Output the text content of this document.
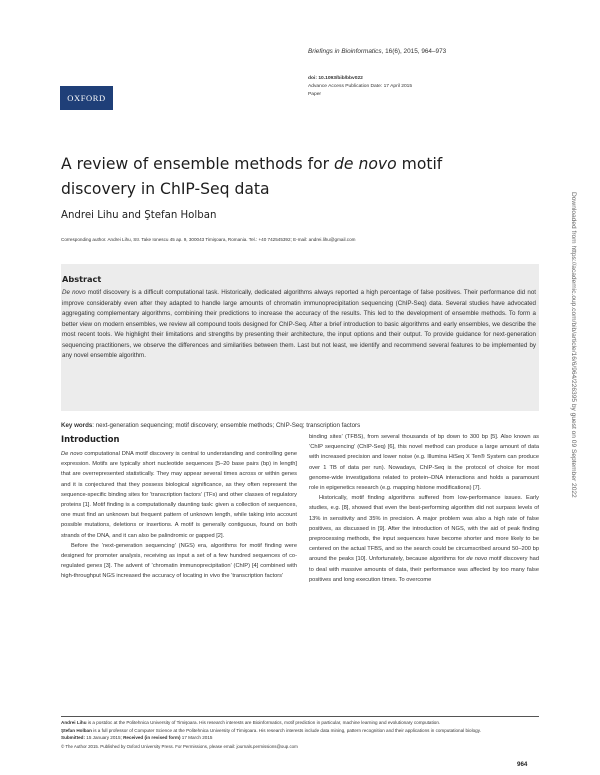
OXFORD
Briefings in Bioinformatics, 16(6), 2015, 964–973
doi: 10.1093/bib/bbv022
Advance Access Publication Date: 17 April 2015
Paper
A review of ensemble methods for de novo motif discovery in ChIP-Seq data
Andrei Lihu and Ştefan Holban
Corresponding author. Andrei Lihu, Str. Take Ionescu 45 ap. 9, 300043 Timişoara, Romania. Tel.: +40 742545392; E-mail: andrei.lihu@gmail.com
Abstract

De novo motif discovery is a difficult computational task. Historically, dedicated algorithms always reported a high percentage of false positives. Their performance did not improve considerably even after they adapted to handle large amounts of chromatin immunoprecipitation sequencing (ChIP-Seq) data. Several studies have advocated aggregating complementary algorithms, combining their predictions to increase the accuracy of the results. This led to the development of ensemble methods. To form a better view on modern ensembles, we review all compound tools designed for ChIP-Seq. After a brief introduction to basic algorithms and early ensembles, we describe the most recent tools. We highlight their limitations and strengths by presenting their architecture, the input options and their output. To provide guidance for next-generation sequencing practitioners, we observe the differences and similarities between them. Last but not least, we identify and recommend several features to be implemented by any novel ensemble algorithm.

Key words: next-generation sequencing; motif discovery; ensemble methods; ChIP-Seq; transcription factors
Introduction

De novo computational DNA motif discovery is central to understanding and controlling gene expression. Motifs are typically short nucleotide sequences [5–20 base pairs (bp) in length] that are overrepresented statistically. They may appear several times across or within genes and it is conjectured that they possess biological significance, as they often represent the sequence-specific binding sites for ‘transcription factors’ (TFs) and other classes of regulatory proteins [1]. Motif finding is a computationally daunting task: given a collection of sequences, one must find an unknown but frequent pattern of unknown length, while taking into account possible mutations, deletions or insertions. A motif is generally contiguous, found on both strands of the DNA, and it can also be palindromic or gapped [2].

Before the ‘next-generation sequencing’ (NGS) era, algorithms for motif finding were designed for promoter analysis, receiving as input a set of a few hundred sequences of co-regulated genes [3]. The advent of ‘chromatin immunoprecipitation’ (ChIP) [4] combined with high-throughput NGS increased the accuracy of locating in vivo the ‘transcription factors’

binding sites’ (TFBS), from several thousands of bp down to 300 bp [5]. Also known as ‘ChIP sequencing’ (ChIP-Seq) [6], this novel method can produce a large amount of data with increased precision and lower noise (e.g. Illumina HiSeq X Ten® System can produce over 1 TB of data per run). Nowadays, ChIP-Seq is the protocol of choice for most genome-wide investigations related to protein–DNA interactions and holds a paramount role in epigenetics research (e.g. mapping histone modifications) [7].

Historically, motif finding algorithms suffered from low-performance issues. Early studies, e.g. [8], showed that even the best-performing algorithm did not surpass levels of 13% in sensitivity and 35% in precision. A major problem was also a high rate of false positives, as discussed in [9]. After the introduction of NGS, with the aid of peak finding preprocessing methods, the input sequences have become shorter and more likely to be centered on the actual TFBS, and so the search could be circumscribed around 50–200 bp around the peaks [10]. Unfortunately, because algorithms for de novo motif discovery had to deal with massive amounts of data, their performance was affected by too many false positives and long execution times. To overcome

Andrei Lihu is a postdoc at the Politehnica University of Timişoara. His research interests are Bioinformatics, motif prediction in particular, machine learning and evolutionary computation.

Ştefan Holban is a full professor of Computer Science at the Politehnica University of Timişoara. His research interests include data mining, pattern recognition and their applications in computational biology.

Submitted: 15 January 2015; Received (in revised form) 17 March 2015

© The Author 2015. Published by Oxford University Press. For Permissions, please email: journals.permissions@oup.com

964
Downloaded from https://academic.oup.com/bib/article/16/6/964/226395 by guest on 09 September 2022
